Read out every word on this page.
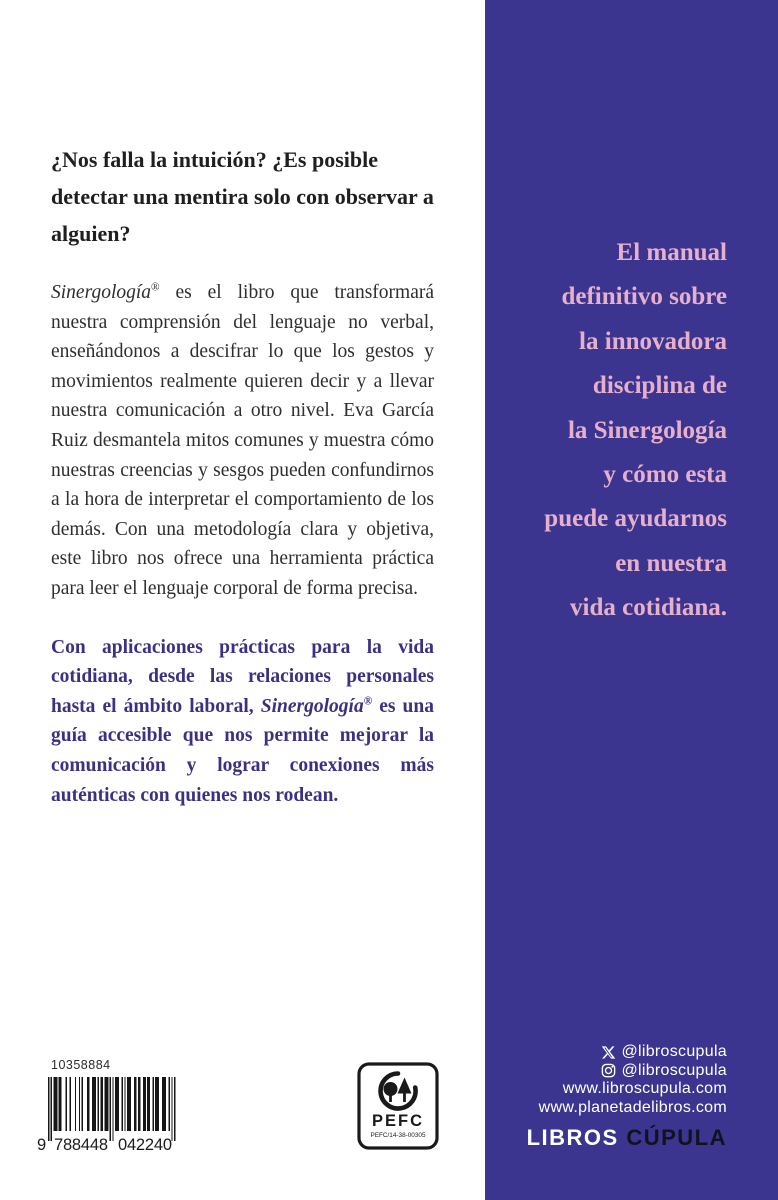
¿Nos falla la intuición? ¿Es posible detectar una mentira solo con observar a alguien?

Sinergología® es el libro que transformará nuestra comprensión del lenguaje no verbal, enseñándonos a descifrar lo que los gestos y movimientos realmente quieren decir y a llevar nuestra comunicación a otro nivel. Eva García Ruiz desmantela mitos comunes y muestra cómo nuestras creencias y sesgos pueden confundirnos a la hora de interpretar el comportamiento de los demás. Con una metodología clara y objetiva, este libro nos ofrece una herramienta práctica para leer el lenguaje corporal de forma precisa.

Con aplicaciones prácticas para la vida cotidiana, desde las relaciones personales hasta el ámbito laboral, Sinergología® es una guía accesible que nos permite mejorar la comunicación y lograr conexiones más auténticas con quienes nos rodean.

El manual
definitivo sobre
la innovadora
disciplina de
la Sinergología
y cómo esta
puede ayudarnos
en nuestra
vida cotidiana.
10358884
9 788448 042240
PEFC
PEFC/14-38-00305
@libroscupula
@libroscupula
www.libroscupula.com
www.planetadelibros.com
LIBROS CÚPULA
